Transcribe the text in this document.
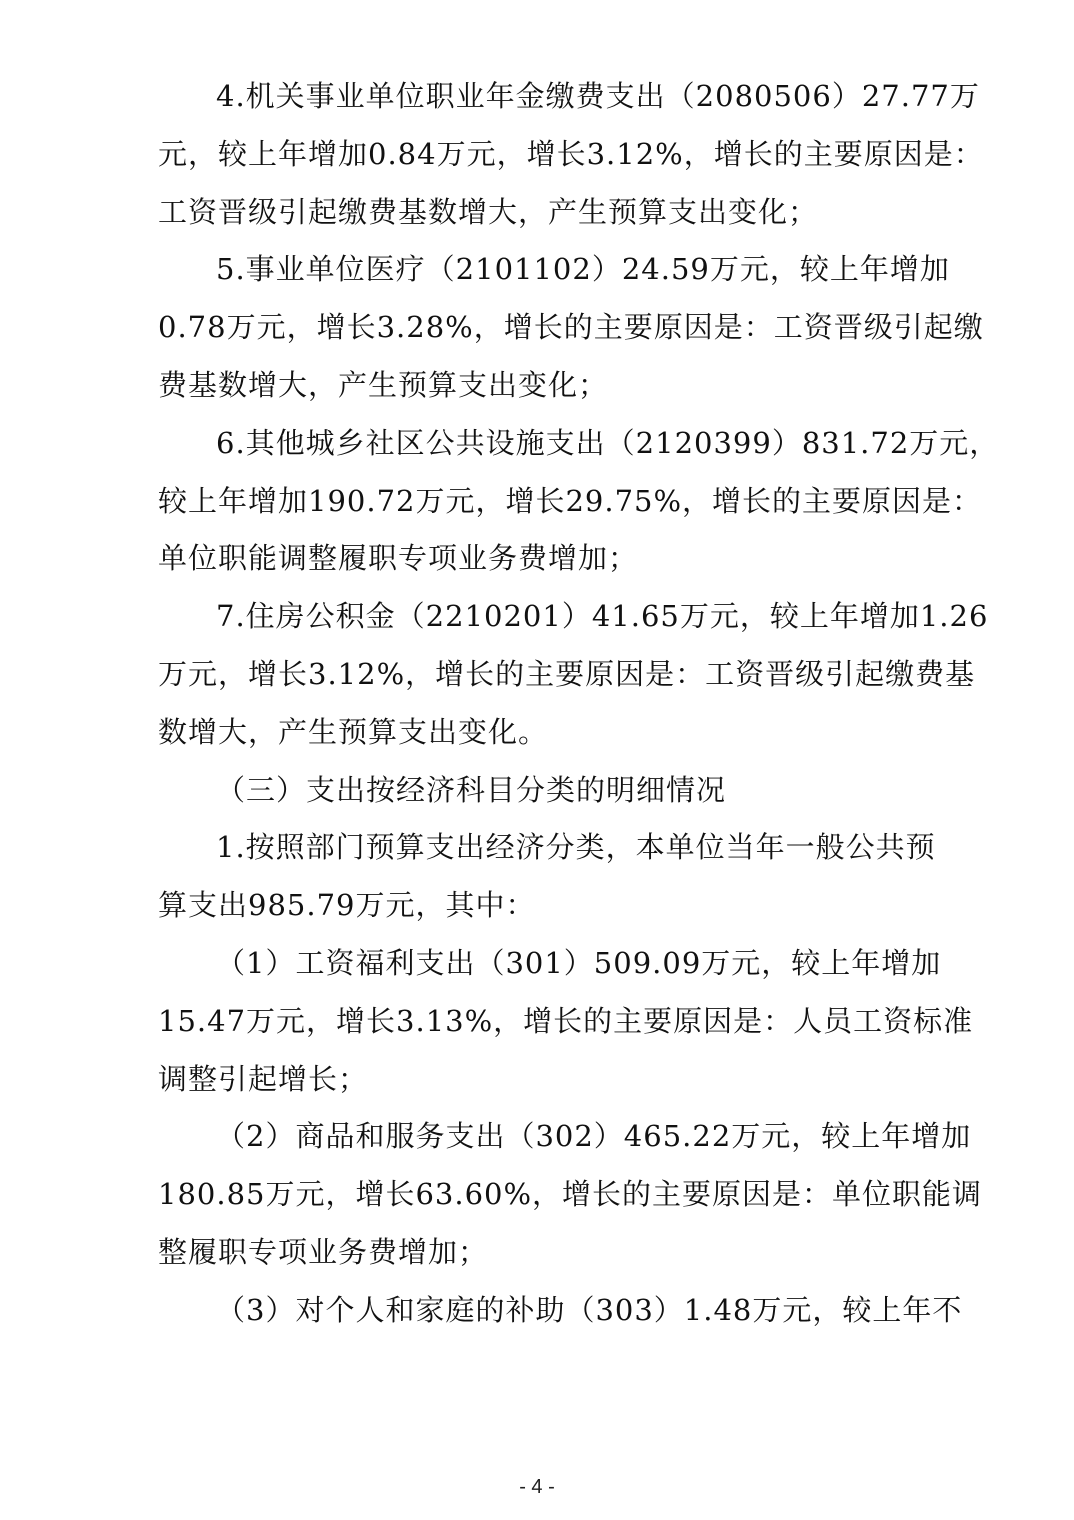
4.机关事业单位职业年金缴费支出（2080506）27.77万
元，较上年增加0.84万元，增长3.12%，增长的主要原因是：
工资晋级引起缴费基数增大，产生预算支出变化；
5.事业单位医疗（2101102）24.59万元，较上年增加
0.78万元，增长3.28%，增长的主要原因是：工资晋级引起缴
费基数增大，产生预算支出变化；
6.其他城乡社区公共设施支出（2120399）831.72万元，
较上年增加190.72万元，增长29.75%，增长的主要原因是：
单位职能调整履职专项业务费增加；
7.住房公积金（2210201）41.65万元，较上年增加1.26
万元，增长3.12%，增长的主要原因是：工资晋级引起缴费基
数增大，产生预算支出变化。
（三）支出按经济科目分类的明细情况
1.按照部门预算支出经济分类，本单位当年一般公共预
算支出985.79万元，其中：
（1）工资福利支出（301）509.09万元，较上年增加
15.47万元，增长3.13%，增长的主要原因是：人员工资标准
调整引起增长；
（2）商品和服务支出（302）465.22万元，较上年增加
180.85万元，增长63.60%，增长的主要原因是：单位职能调
整履职专项业务费增加；
（3）对个人和家庭的补助（303）1.48万元，较上年不
- 4 -
